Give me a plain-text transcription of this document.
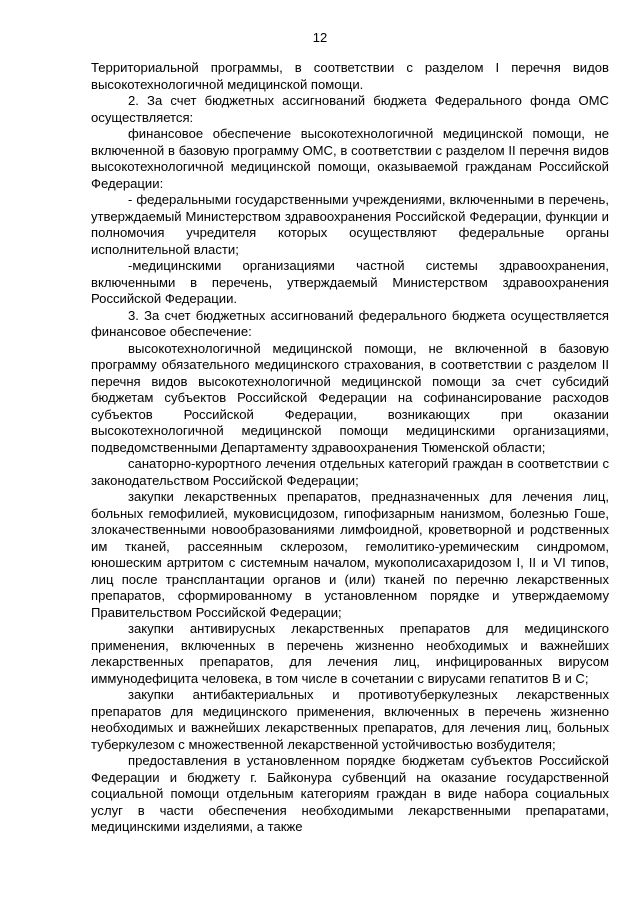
12

Территориальной программы, в соответствии с разделом I перечня видов высокотехнологичной медицинской помощи.

2. За счет бюджетных ассигнований бюджета Федерального фонда ОМС осуществляется:

финансовое обеспечение высокотехнологичной медицинской помощи, не включенной в базовую программу ОМС, в соответствии с разделом II перечня видов высокотехнологичной медицинской помощи, оказываемой гражданам Российской Федерации:

- федеральными государственными учреждениями, включенными в перечень, утверждаемый Министерством здравоохранения Российской Федерации, функции и полномочия учредителя которых осуществляют федеральные органы исполнительной власти;

-медицинскими организациями частной системы здравоохранения, включенными в перечень, утверждаемый Министерством здравоохранения Российской Федерации.

3. За счет бюджетных ассигнований федерального бюджета осуществляется финансовое обеспечение:

высокотехнологичной медицинской помощи, не включенной в базовую программу обязательного медицинского страхования, в соответствии с разделом II перечня видов высокотехнологичной медицинской помощи за счет субсидий бюджетам субъектов Российской Федерации на софинансирование расходов субъектов Российской Федерации, возникающих при оказании высокотехнологичной медицинской помощи медицинскими организациями, подведомственными Департаменту здравоохранения Тюменской области;

санаторно-курортного лечения отдельных категорий граждан в соответствии с законодательством Российской Федерации;

закупки лекарственных препаратов, предназначенных для лечения лиц, больных гемофилией, муковисцидозом, гипофизарным нанизмом, болезнью Гоше, злокачественными новообразованиями лимфоидной, кроветворной и родственных им тканей, рассеянным склерозом, гемолитико-уремическим синдромом, юношеским артритом с системным началом, мукополисахаридозом I, II и VI типов, лиц после трансплантации органов и (или) тканей по перечню лекарственных препаратов, сформированному в установленном порядке и утверждаемому Правительством Российской Федерации;

закупки антивирусных лекарственных препаратов для медицинского применения, включенных в перечень жизненно необходимых и важнейших лекарственных препаратов, для лечения лиц, инфицированных вирусом иммунодефицита человека, в том числе в сочетании с вирусами гепатитов B и C;

закупки антибактериальных и противотуберкулезных лекарственных препаратов для медицинского применения, включенных в перечень жизненно необходимых и важнейших лекарственных препаратов, для лечения лиц, больных туберкулезом с множественной лекарственной устойчивостью возбудителя;

предоставления в установленном порядке бюджетам субъектов Российской Федерации и бюджету г. Байконура субвенций на оказание государственной социальной помощи отдельным категориям граждан в виде набора социальных услуг в части обеспечения необходимыми лекарственными препаратами, медицинскими изделиями, а также
